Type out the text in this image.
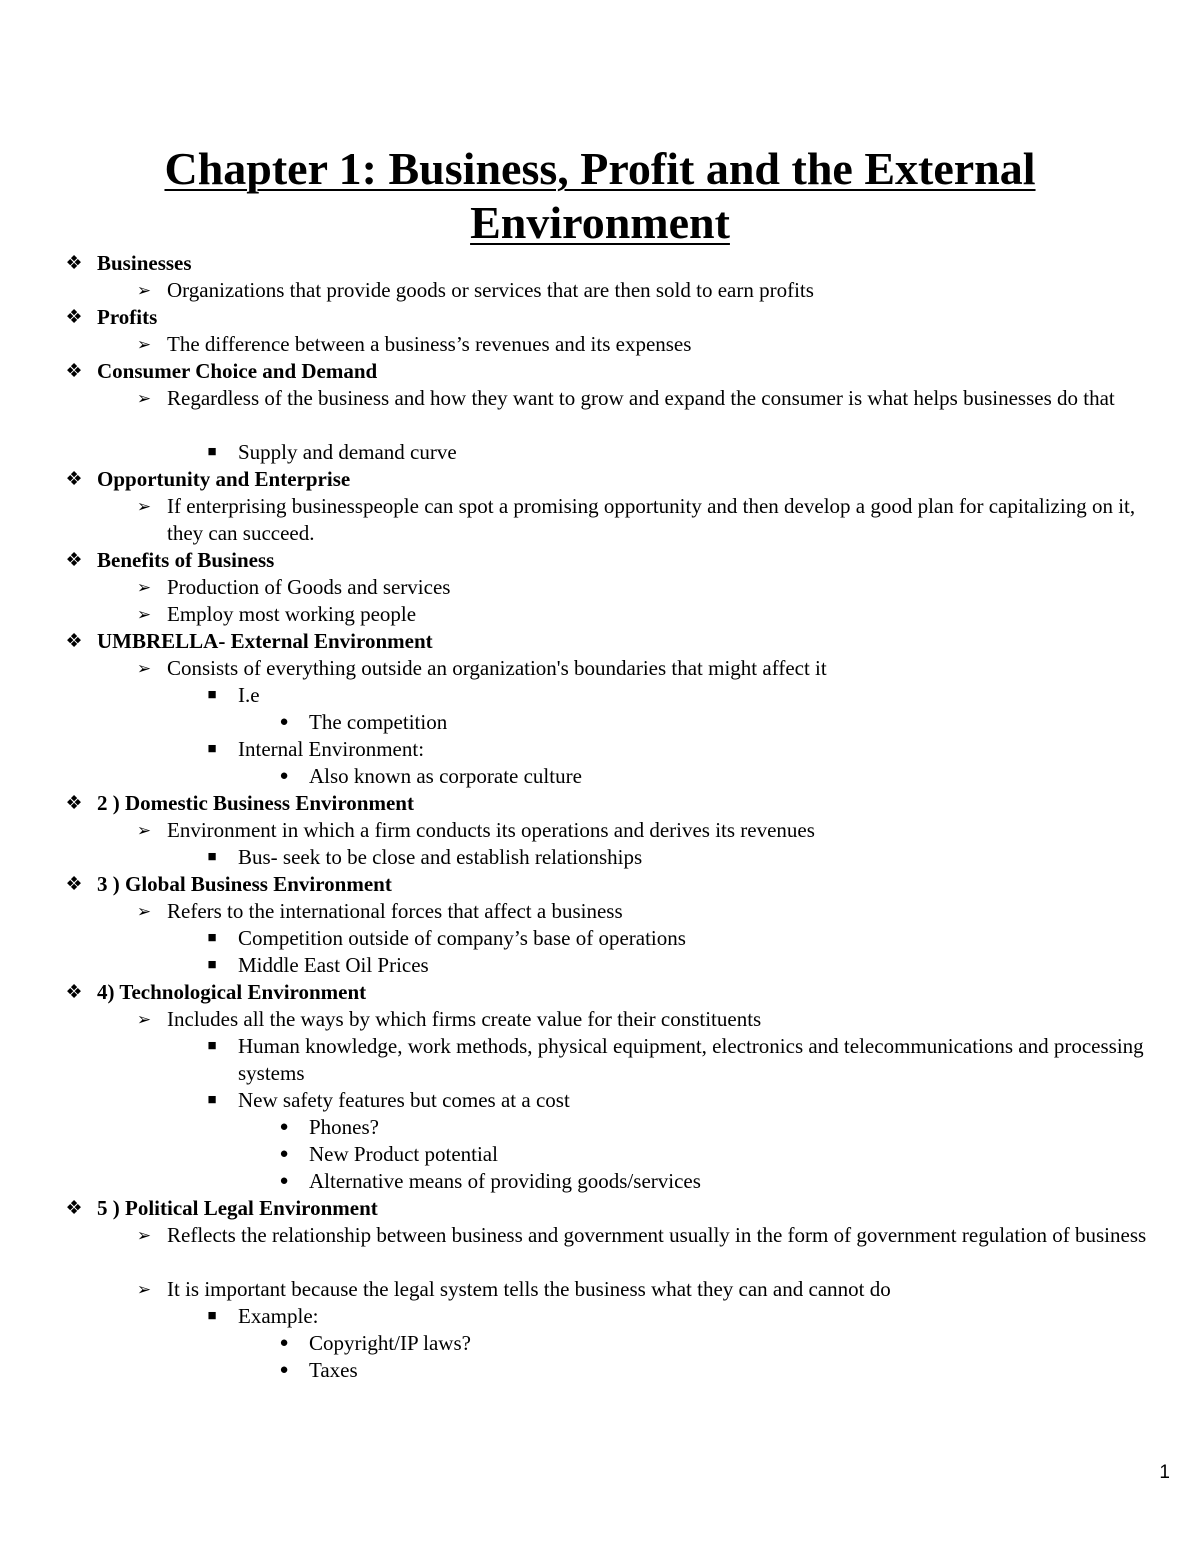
Chapter 1: Business, Profit and the External Environment
❖ Businesses
➢ Organizations that provide goods or services that are then sold to earn profits
❖ Profits
➢ The difference between a business’s revenues and its expenses
❖ Consumer Choice and Demand
➢ Regardless of the business and how they want to grow and expand the consumer is what helps businesses do that
■	Supply and demand curve
❖ Opportunity and Enterprise
➢ If enterprising businesspeople can spot a promising opportunity and then develop a good plan for capitalizing on it, they can succeed.
❖ Benefits of Business
➢ Production of Goods and services
➢ Employ most working people
❖ UMBRELLA- External Environment
➢ Consists of everything outside an organization's boundaries that might affect it
■	I.e
● The competition
■	Internal Environment:
● Also known as corporate culture
❖ 2 ) Domestic Business Environment
➢ Environment in which a firm conducts its operations and derives its revenues
■	Bus- seek to be close and establish relationships
❖ 3 ) Global Business Environment
➢ Refers to the international forces that affect a business
■	Competition outside of company’s base of operations
■	Middle East Oil Prices
❖ 4) Technological Environment
➢ Includes all the ways by which firms create value for their constituents
■	Human knowledge, work methods, physical equipment, electronics and telecommunications and processing systems
■	New safety features but comes at a cost
● Phones?
● New Product potential
● Alternative means of providing goods/services
❖ 5 ) Political Legal Environment
➢ Reflects the relationship between business and government usually in the form of government regulation of business
➢ It is important because the legal system tells the business what they can and cannot do
■	Example:
● Copyright/IP laws?
● Taxes
1
